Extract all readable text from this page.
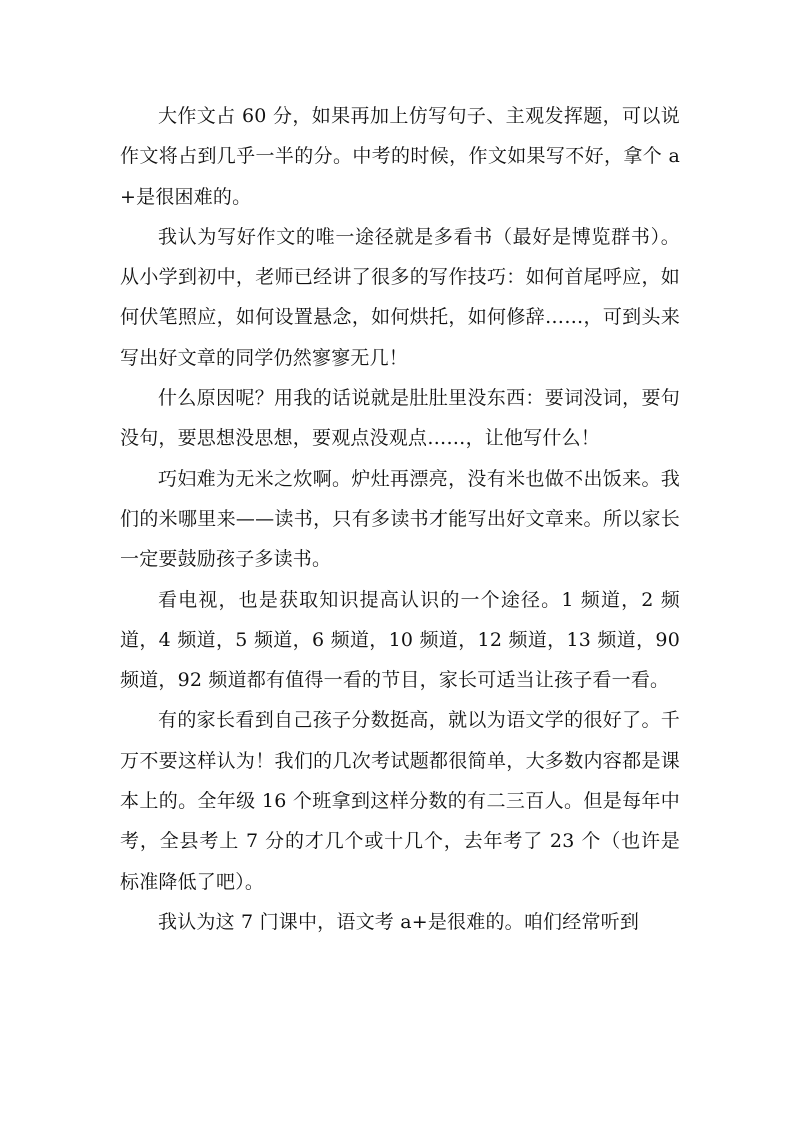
大作文占 60 分，如果再加上仿写句子、主观发挥题，可以说作文将占到几乎一半的分。中考的时候，作文如果写不好，拿个 a+是很困难的。

我认为写好作文的唯一途径就是多看书（最好是博览群书）。从小学到初中，老师已经讲了很多的写作技巧：如何首尾呼应，如何伏笔照应，如何设置悬念，如何烘托，如何修辞……，可到头来写出好文章的同学仍然寥寥无几！

什么原因呢？用我的话说就是肚肚里没东西：要词没词，要句没句，要思想没思想，要观点没观点……，让他写什么！

巧妇难为无米之炊啊。炉灶再漂亮，没有米也做不出饭来。我们的米哪里来——读书，只有多读书才能写出好文章来。所以家长一定要鼓励孩子多读书。

看电视，也是获取知识提高认识的一个途径。1 频道，2 频道，4 频道，5 频道，6 频道，10 频道，12 频道，13 频道，90 频道，92 频道都有值得一看的节目，家长可适当让孩子看一看。

有的家长看到自己孩子分数挺高，就以为语文学的很好了。千万不要这样认为！我们的几次考试题都很简单，大多数内容都是课本上的。全年级 16 个班拿到这样分数的有二三百人。但是每年中考，全县考上 7 分的才几个或十几个，去年考了 23 个（也许是标准降低了吧）。

我认为这 7 门课中，语文考 a+是很难的。咱们经常听到
